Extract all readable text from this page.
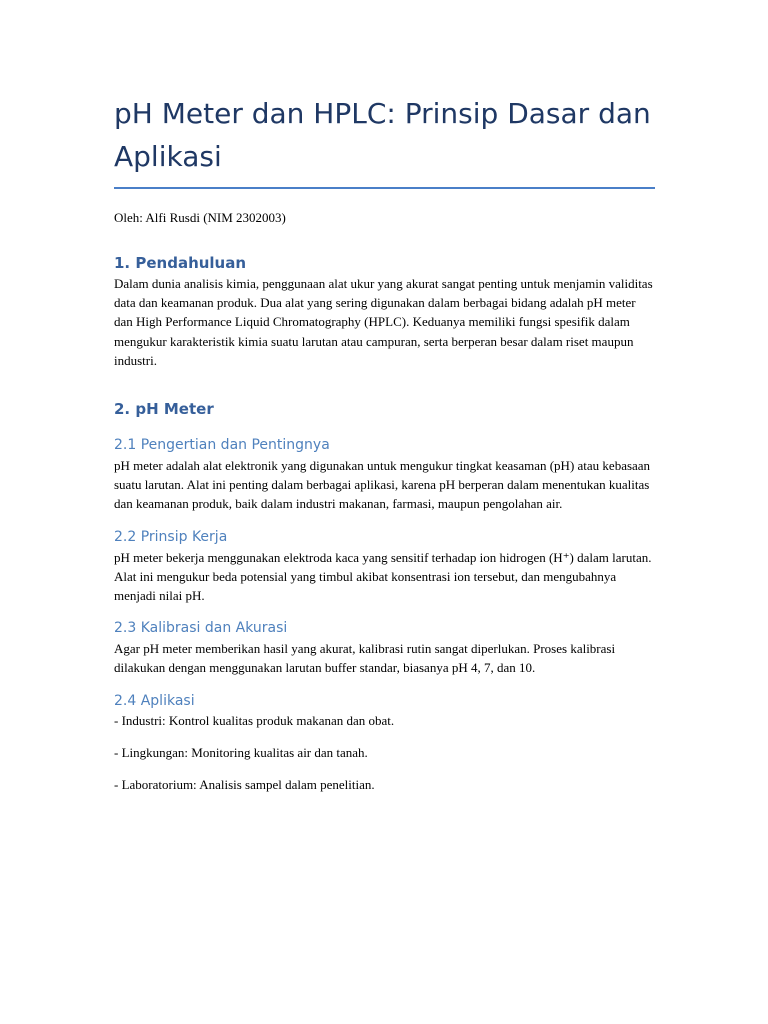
pH Meter dan HPLC: Prinsip Dasar dan Aplikasi

Oleh: Alfi Rusdi (NIM 2302003)

1. Pendahuluan

Dalam dunia analisis kimia, penggunaan alat ukur yang akurat sangat penting untuk menjamin validitas data dan keamanan produk. Dua alat yang sering digunakan dalam berbagai bidang adalah pH meter dan High Performance Liquid Chromatography (HPLC). Keduanya memiliki fungsi spesifik dalam mengukur karakteristik kimia suatu larutan atau campuran, serta berperan besar dalam riset maupun industri.

2. pH Meter
2.1 Pengertian dan Pentingnya

pH meter adalah alat elektronik yang digunakan untuk mengukur tingkat keasaman (pH) atau kebasaan suatu larutan. Alat ini penting dalam berbagai aplikasi, karena pH berperan dalam menentukan kualitas dan keamanan produk, baik dalam industri makanan, farmasi, maupun pengolahan air.

2.2 Prinsip Kerja

pH meter bekerja menggunakan elektroda kaca yang sensitif terhadap ion hidrogen (H⁺) dalam larutan. Alat ini mengukur beda potensial yang timbul akibat konsentrasi ion tersebut, dan mengubahnya menjadi nilai pH.

2.3 Kalibrasi dan Akurasi

Agar pH meter memberikan hasil yang akurat, kalibrasi rutin sangat diperlukan. Proses kalibrasi dilakukan dengan menggunakan larutan buffer standar, biasanya pH 4, 7, dan 10.

2.4 Aplikasi

- Industri: Kontrol kualitas produk makanan dan obat.

- Lingkungan: Monitoring kualitas air dan tanah.

- Laboratorium: Analisis sampel dalam penelitian.
